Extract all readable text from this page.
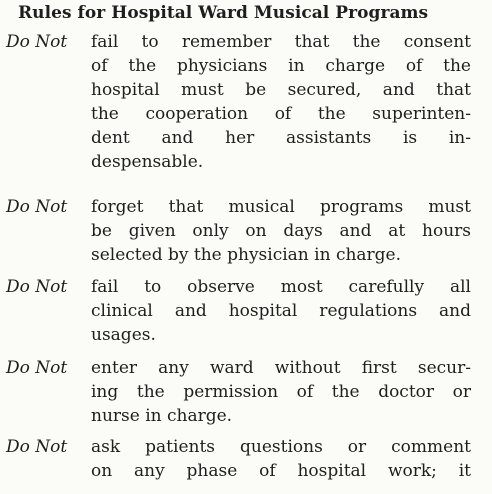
Rules for Hospital Ward Musical Programs
Do Not	fail to remember that the consent
of the physicians in charge of the
hospital must be secured, and that
the cooperation of the superinten-
dent and her assistants is in-
despensable.
Do Not	forget that musical programs must
be given only on days and at hours
selected by the physician in charge.
Do Not	fail to observe most carefully all
clinical and hospital regulations and
usages.
Do Not	enter any ward without first secur-
ing the permission of the doctor or
nurse in charge.
Do Not	ask patients questions or comment
on any phase of hospital work; it
